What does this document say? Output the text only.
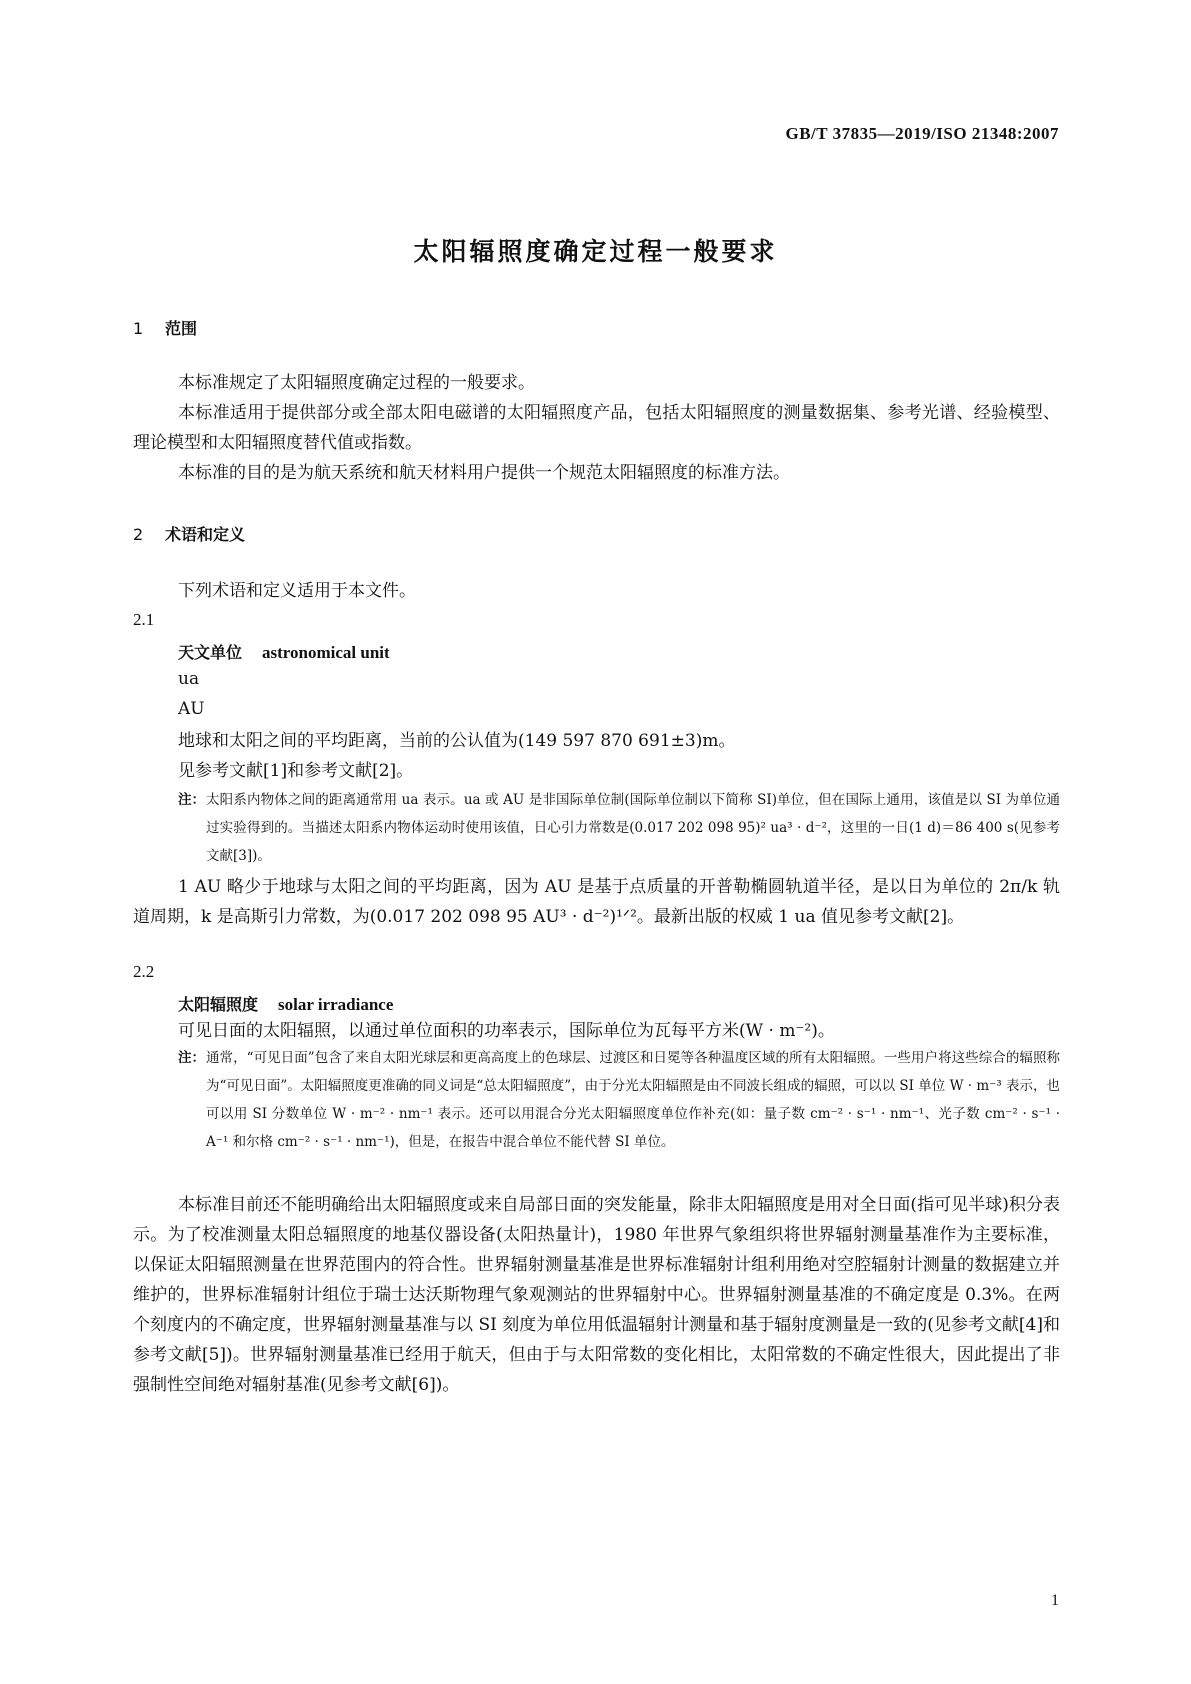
GB/T 37835—2019/ISO 21348:2007
太阳辐照度确定过程一般要求
1 范围

本标准规定了太阳辐照度确定过程的一般要求。

本标准适用于提供部分或全部太阳电磁谱的太阳辐照度产品，包括太阳辐照度的测量数据集、参考光谱、经验模型、理论模型和太阳辐照度替代值或指数。

本标准的目的是为航天系统和航天材料用户提供一个规范太阳辐照度的标准方法。

2 术语和定义

下列术语和定义适用于本文件。

2.1
天文单位 astronomical unit
ua
AU
地球和太阳之间的平均距离，当前的公认值为(149 597 870 691±3)m。
见参考文献[1]和参考文献[2]。
注： 太阳系内物体之间的距离通常用 ua 表示。ua 或 AU 是非国际单位制(国际单位制以下简称 SI)单位，但在国际上通用，该值是以 SI 为单位通过实验得到的。当描述太阳系内物体运动时使用该值，日心引力常数是(0.017 202 098 95)² ua³ · d⁻²，这里的一日(1 d)＝86 400 s(见参考文献[3])。

1 AU 略少于地球与太阳之间的平均距离，因为 AU 是基于点质量的开普勒椭圆轨道半径，是以日为单位的 2π/k 轨道周期，k 是高斯引力常数，为(0.017 202 098 95 AU³ · d⁻²)¹ᐟ²。最新出版的权威 1 ua 值见参考文献[2]。

2.2
太阳辐照度 solar irradiance
可见日面的太阳辐照，以通过单位面积的功率表示，国际单位为瓦每平方米(W · m⁻²)。
注： 通常，“可见日面”包含了来自太阳光球层和更高高度上的色球层、过渡区和日冕等各种温度区域的所有太阳辐照。一些用户将这些综合的辐照称为“可见日面”。太阳辐照度更准确的同义词是“总太阳辐照度”，由于分光太阳辐照是由不同波长组成的辐照，可以以 SI 单位 W · m⁻³ 表示，也可以用 SI 分数单位 W · m⁻² · nm⁻¹ 表示。还可以用混合分光太阳辐照度单位作补充(如：量子数 cm⁻² · s⁻¹ · nm⁻¹、光子数 cm⁻² · s⁻¹ · A⁻¹ 和尔格 cm⁻² · s⁻¹ · nm⁻¹)，但是，在报告中混合单位不能代替 SI 单位。

本标准目前还不能明确给出太阳辐照度或来自局部日面的突发能量，除非太阳辐照度是用对全日面(指可见半球)积分表示。为了校准测量太阳总辐照度的地基仪器设备(太阳热量计)，1980 年世界气象组织将世界辐射测量基准作为主要标准，以保证太阳辐照测量在世界范围内的符合性。世界辐射测量基准是世界标准辐射计组利用绝对空腔辐射计测量的数据建立并维护的，世界标准辐射计组位于瑞士达沃斯物理气象观测站的世界辐射中心。世界辐射测量基准的不确定度是 0.3%。在两个刻度内的不确定度，世界辐射测量基准与以 SI 刻度为单位用低温辐射计测量和基于辐射度测量是一致的(见参考文献[4]和参考文献[5])。世界辐射测量基准已经用于航天，但由于与太阳常数的变化相比，太阳常数的不确定性很大，因此提出了非强制性空间绝对辐射基准(见参考文献[6])。

1
